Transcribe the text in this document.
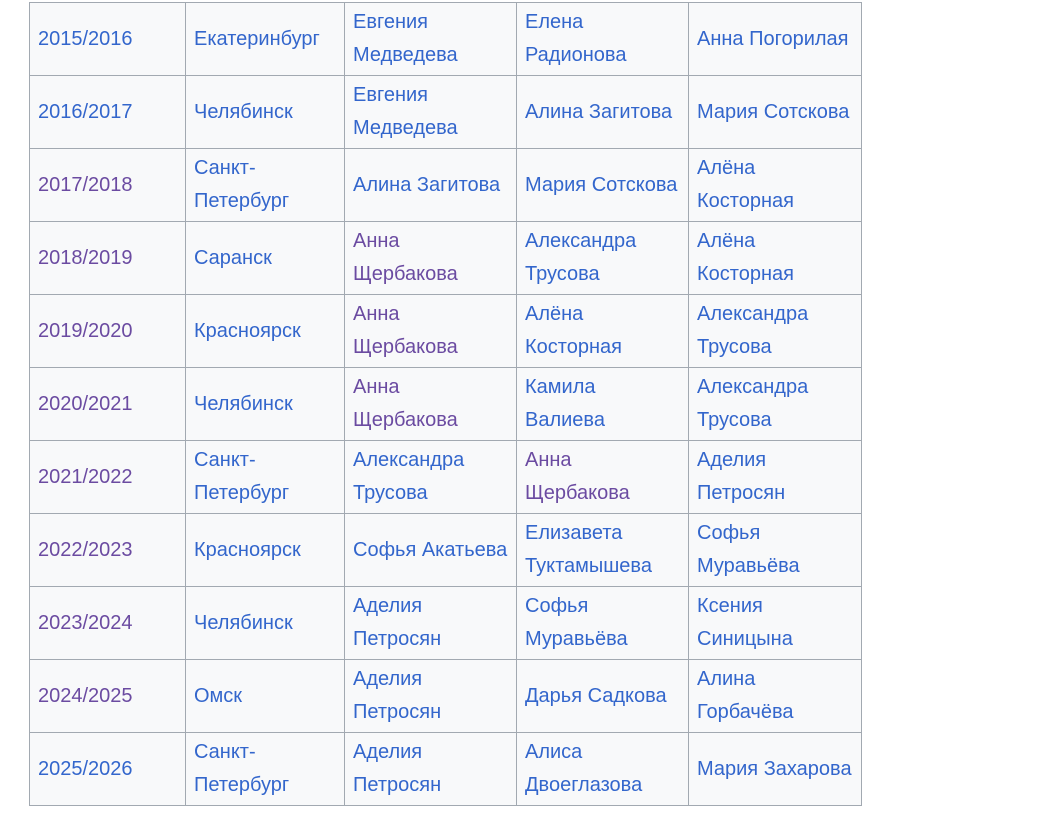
2015/2016	Екатеринбург	Евгения Медведева	Елена Радионова	Анна Погорилая
2016/2017	Челябинск	Евгения Медведева	Алина Загитова	Мария Сотскова
2017/2018	Санкт-Петербург	Алина Загитова	Мария Сотскова	Алёна Косторная
2018/2019	Саранск	Анна Щербакова	Александра Трусова	Алёна Косторная
2019/2020	Красноярск	Анна Щербакова	Алёна Косторная	Александра Трусова
2020/2021	Челябинск	Анна Щербакова	Камила Валиева	Александра Трусова
2021/2022	Санкт-Петербург	Александра Трусова	Анна Щербакова	Аделия Петросян
2022/2023	Красноярск	Софья Акатьева	Елизавета Туктамышева	Софья Муравьёва
2023/2024	Челябинск	Аделия Петросян	Софья Муравьёва	Ксения Синицына
2024/2025	Омск	Аделия Петросян	Дарья Садкова	Алина Горбачёва
2025/2026	Санкт-Петербург	Аделия Петросян	Алиса Двоеглазова	Мария Захарова
